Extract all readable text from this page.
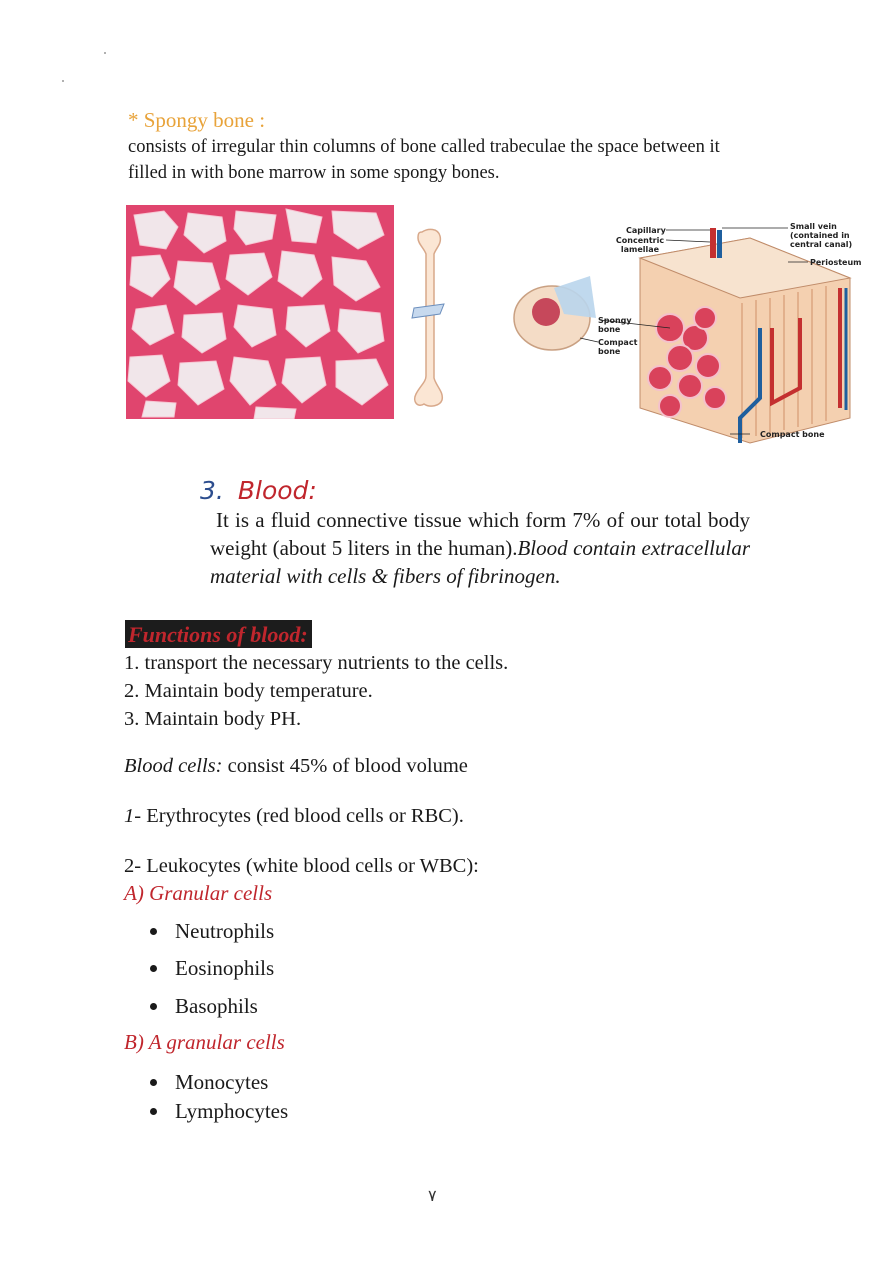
* Spongy bone :
consists of irregular thin columns of bone called trabeculae the space between it filled in with bone marrow in some spongy bones.
Capillary
Concentric lamellae
Small vein (contained in central canal)
Periosteum
Spongy bone
Compact bone
Compact bone
3. Blood:
It is a fluid connective tissue which form 7% of our total body weight (about 5 liters in the human).Blood contain extracellular material with cells & fibers of fibrinogen.
Functions of blood:
1. transport the necessary nutrients to the cells.
2. Maintain body temperature.
3. Maintain body PH.
Blood cells: consist 45% of blood volume
1- Erythrocytes (red blood cells or RBC).
2- Leukocytes (white blood cells or WBC):
A) Granular cells
Neutrophils
Eosinophils
Basophils
B) A granular cells
Monocytes
Lymphocytes
٧
